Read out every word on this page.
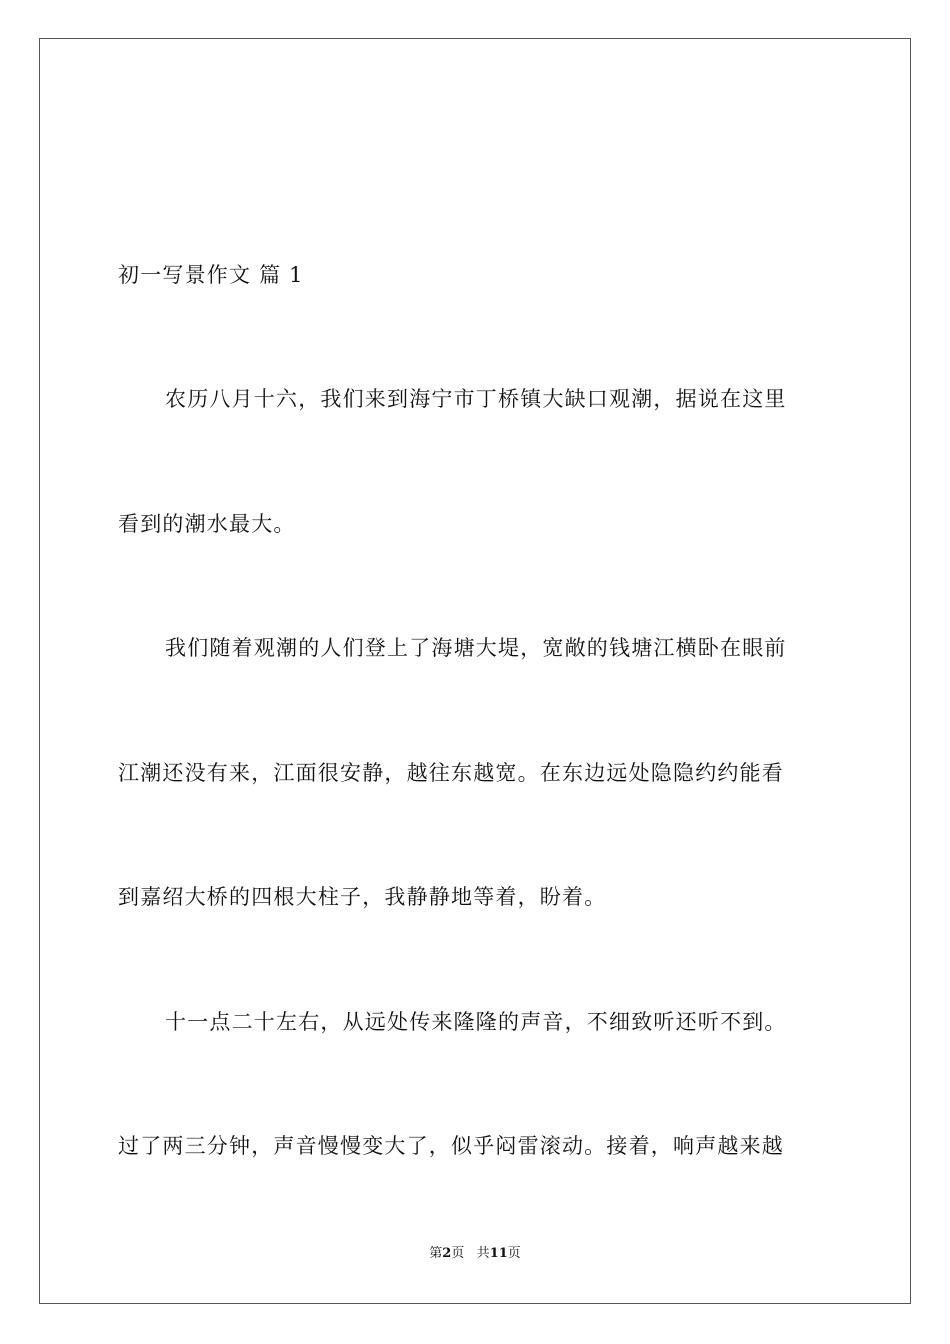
初一写景作文 篇 1
农历八月十六，我们来到海宁市丁桥镇大缺口观潮，据说在这里
看到的潮水最大。
我们随着观潮的人们登上了海塘大堤，宽敞的钱塘江横卧在眼前
江潮还没有来，江面很安静，越往东越宽。在东边远处隐隐约约能看
到嘉绍大桥的四根大柱子，我静静地等着，盼着。
十一点二十左右，从远处传来隆隆的声音，不细致听还听不到。
过了两三分钟，声音慢慢变大了，似乎闷雷滚动。接着，响声越来越
第2页 共11页
